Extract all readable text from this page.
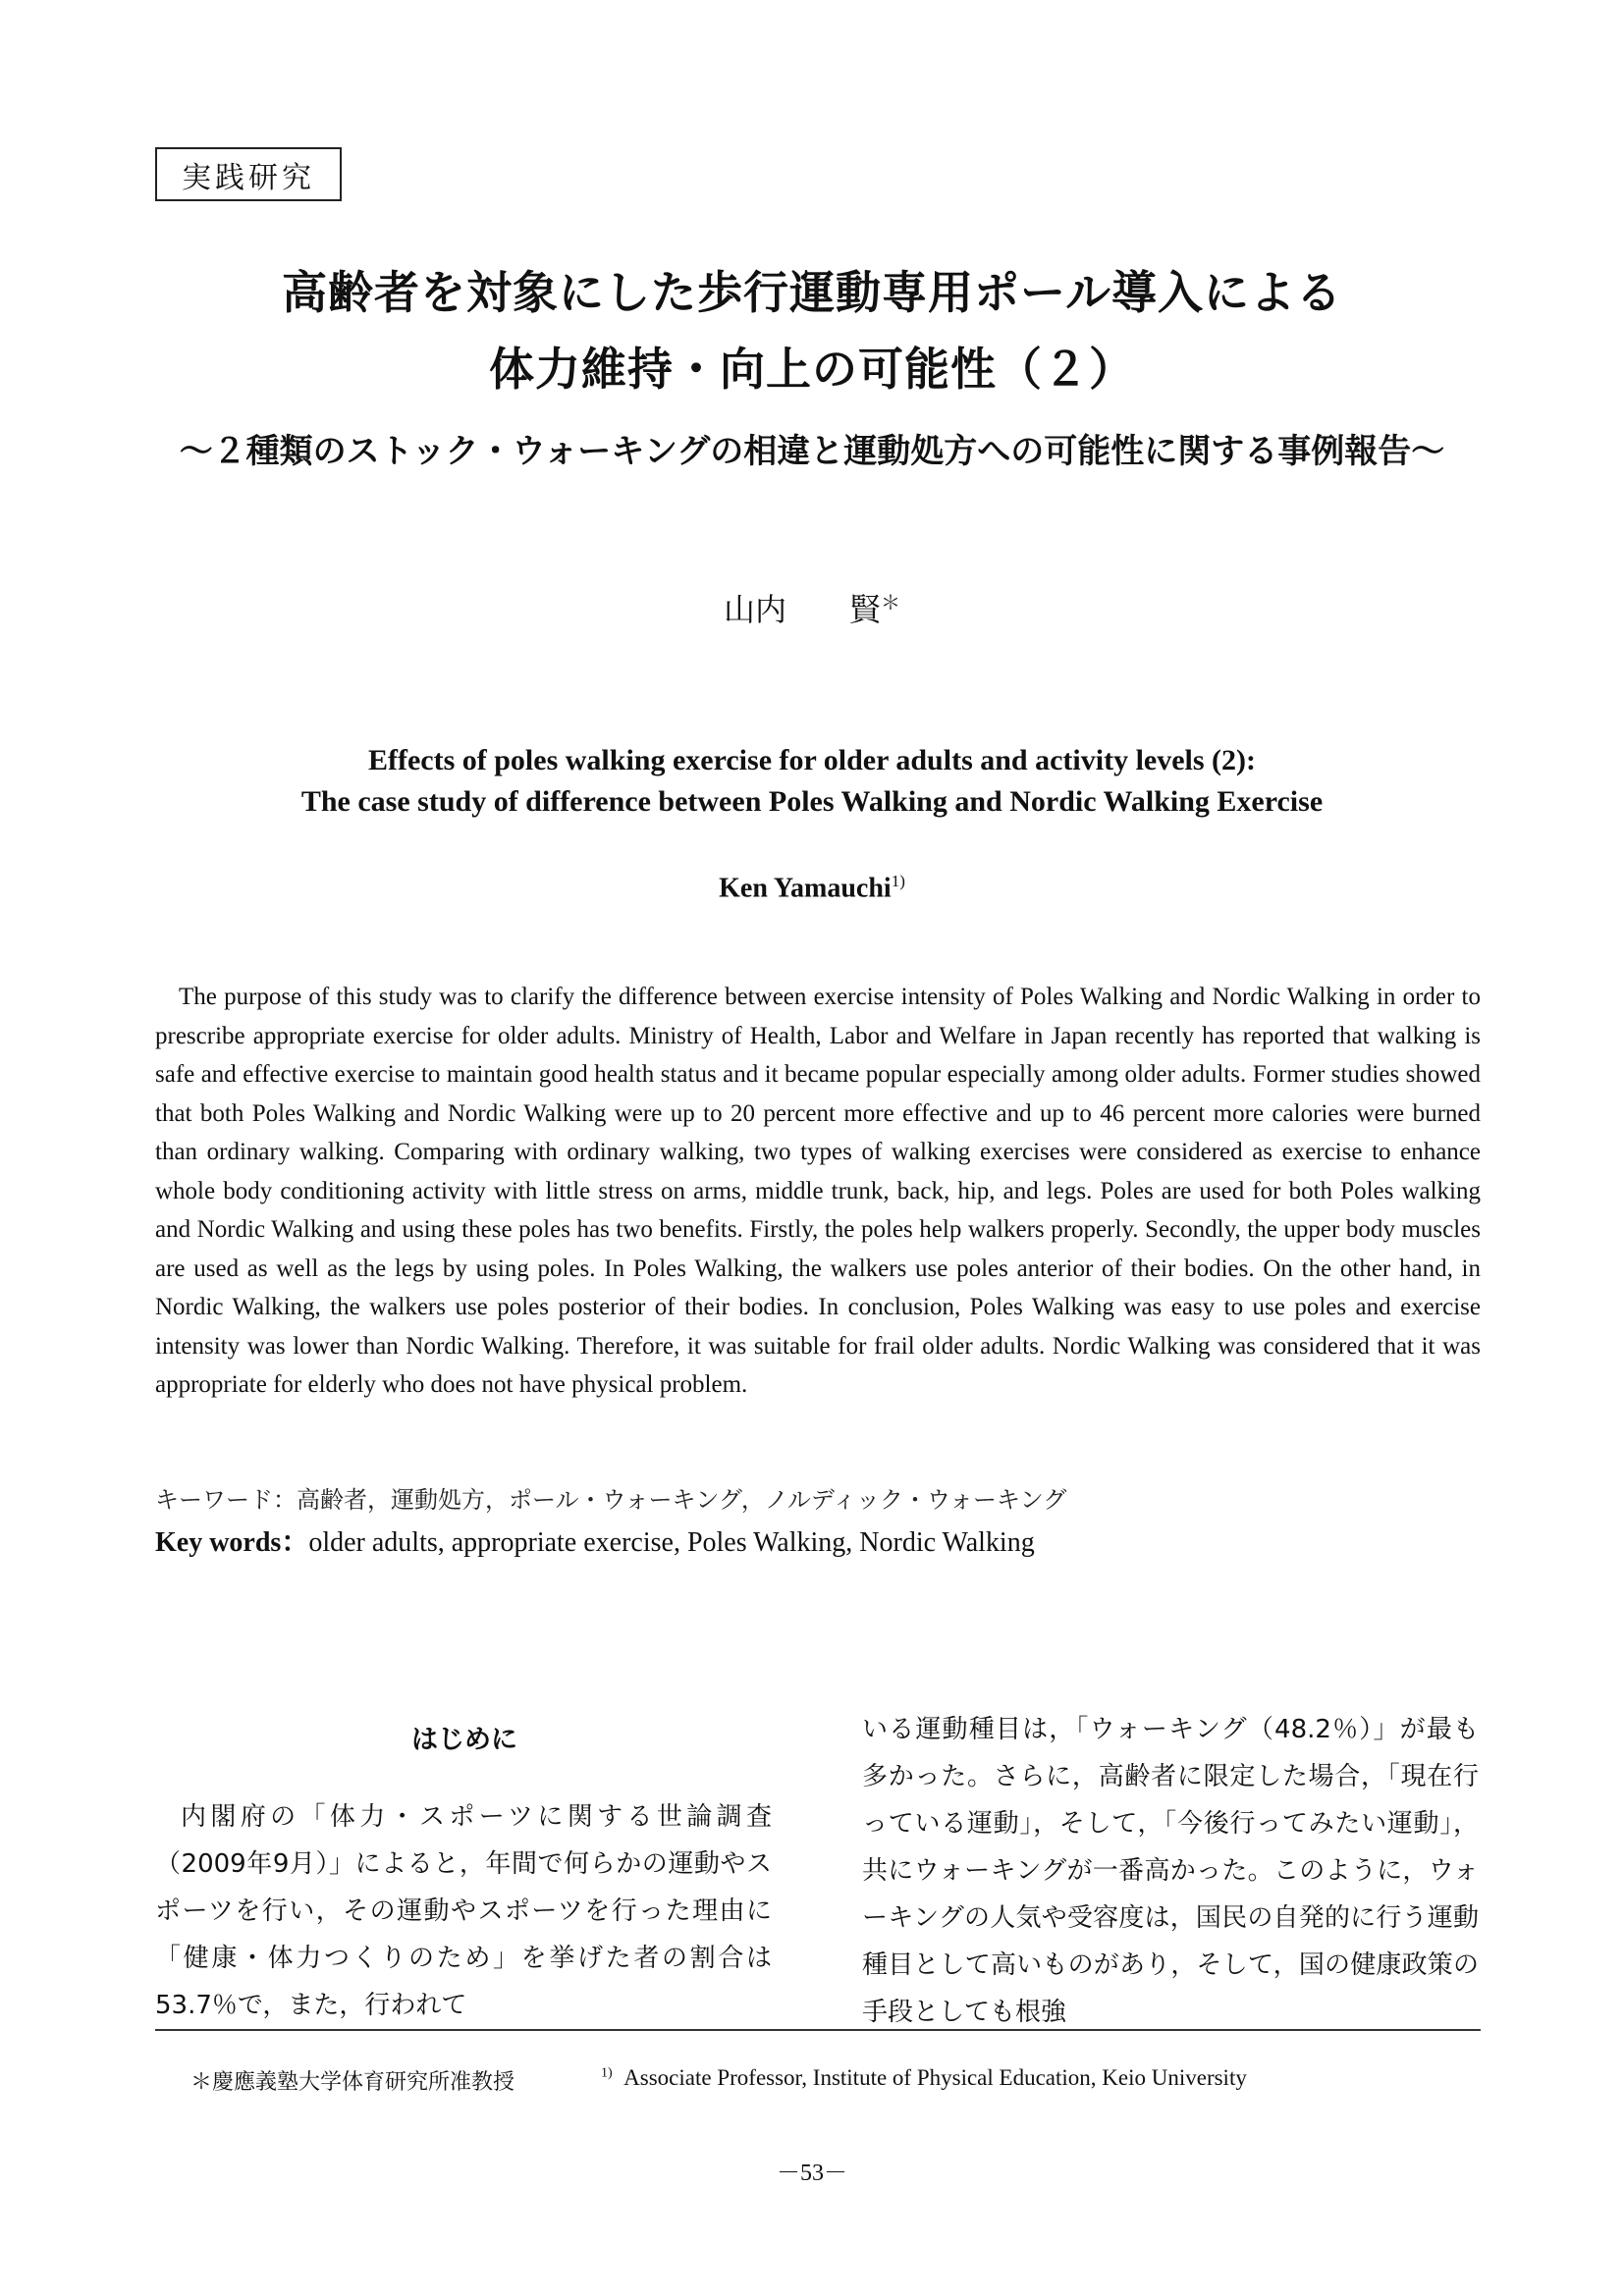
実践研究
高齢者を対象にした歩行運動専用ポール導入による
体力維持・向上の可能性（２）
～２種類のストック・ウォーキングの相違と運動処方への可能性に関する事例報告～
山内　　賢＊
Effects of poles walking exercise for older adults and activity levels (2):
The case study of difference between Poles Walking and Nordic Walking Exercise
Ken Yamauchi$^{1)}$
The purpose of this study was to clarify the difference between exercise intensity of Poles Walking and Nordic Walking in order to prescribe appropriate exercise for older adults. Ministry of Health, Labor and Welfare in Japan recently has reported that walking is safe and effective exercise to maintain good health status and it became popular especially among older adults. Former studies showed that both Poles Walking and Nordic Walking were up to 20 percent more effective and up to 46 percent more calories were burned than ordinary walking. Comparing with ordinary walking, two types of walking exercises were considered as exercise to enhance whole body conditioning activity with little stress on arms, middle trunk, back, hip, and legs. Poles are used for both Poles walking and Nordic Walking and using these poles has two benefits. Firstly, the poles help walkers properly. Secondly, the upper body muscles are used as well as the legs by using poles. In Poles Walking, the walkers use poles anterior of their bodies. On the other hand, in Nordic Walking, the walkers use poles posterior of their bodies. In conclusion, Poles Walking was easy to use poles and exercise intensity was lower than Nordic Walking. Therefore, it was suitable for frail older adults. Nordic Walking was considered that it was appropriate for elderly who does not have physical problem.
キーワード：高齢者，運動処方，ポール・ウォーキング，ノルディック・ウォーキング
Key words：older adults, appropriate exercise, Poles Walking, Nordic Walking
はじめに
内閣府の「体力・スポーツに関する世論調査（2009年9月）」によると，年間で何らかの運動やスポーツを行い，その運動やスポーツを行った理由に「健康・体力つくりのため」を挙げた者の割合は53.7％で，また，行われて
いる運動種目は，「ウォーキング（48.2％）」が最も多かった。さらに，高齢者に限定した場合，「現在行っている運動」，そして，「今後行ってみたい運動」，共にウォーキングが一番高かった。このように，ウォーキングの人気や受容度は，国民の自発的に行う運動種目として高いものがあり，そして，国の健康政策の手段としても根強
＊慶應義塾大学体育研究所准教授	$^{1)}$ Associate Professor, Institute of Physical Education, Keio University
－53－
